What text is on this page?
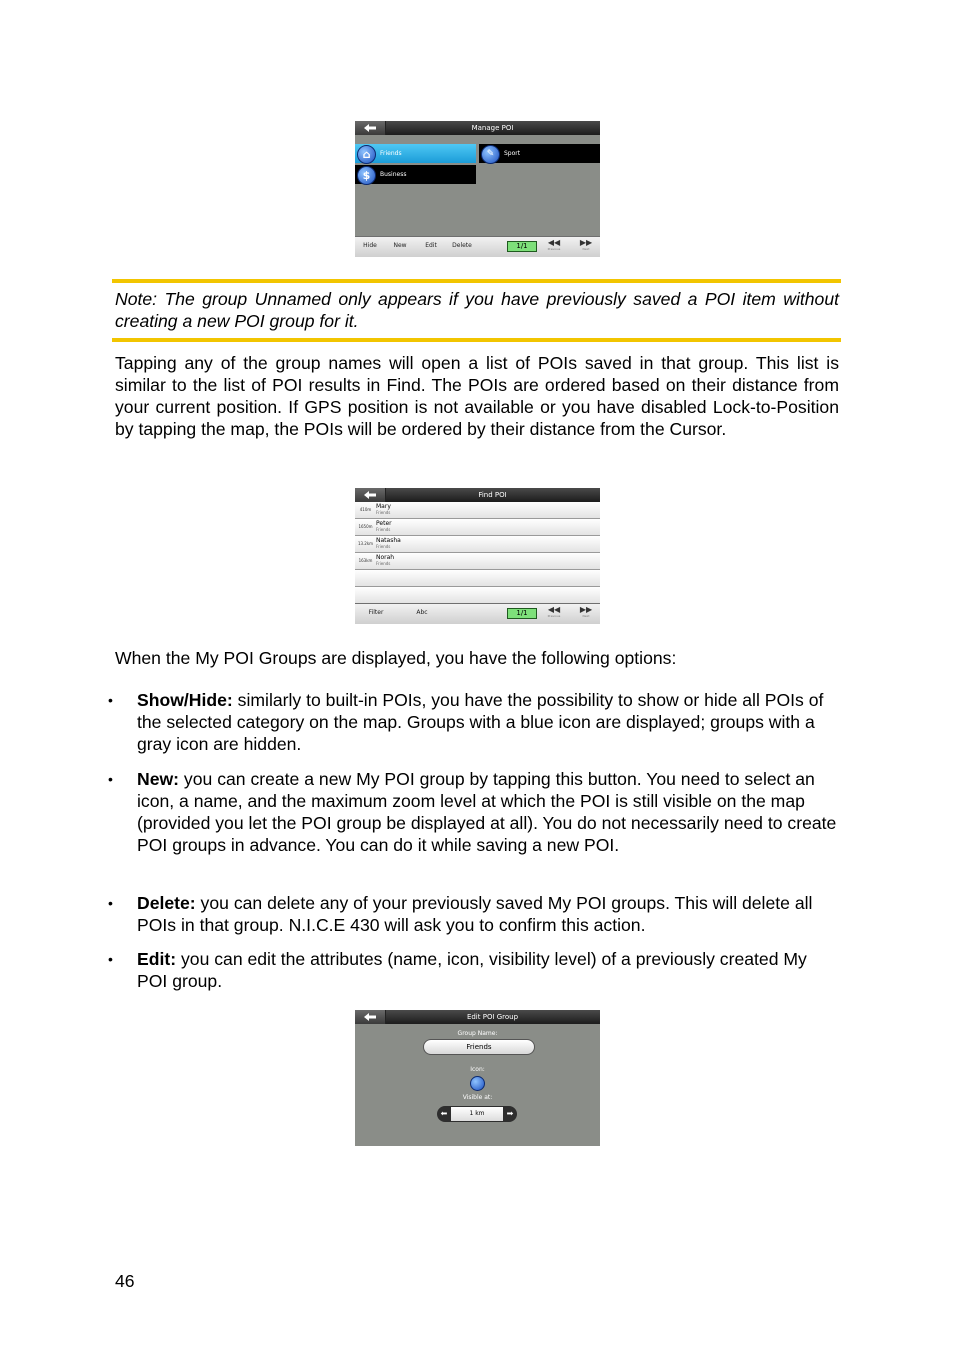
Manage POI
⌂	Friends	✎	Sport
$	Business
Hide	New	Edit	Delete	1/1	◀◀
Previous
▶▶
Next
Note: The group Unnamed only appears if you have previously saved a POI item without creating a new POI group for it.
Tapping any of the group names will open a list of POIs saved in that group. This list is similar to the list of POI results in Find. The POIs are ordered based on their distance from your current position. If GPS position is not available or you have disabled Lock-to-Position by tapping the map, the POIs will be ordered by their distance from the Cursor.
Find POI
410m Mary
Friends
1650m Peter
Friends
13.2km Natasha
Friends
163km Norah
Friends
Filter	Abc	1/1	◀◀
Previous
▶▶
Next
When the My POI Groups are displayed, you have the following options:
• Show/Hide: similarly to built-in POIs, you have the possibility to show or hide all POIs of the selected category on the map. Groups with a blue icon are displayed; groups with a gray icon are hidden.
• New: you can create a new My POI group by tapping this button. You need to select an icon, a name, and the maximum zoom level at which the POI is still visible on the map (provided you let the POI group be displayed at all). You do not necessarily need to create POI groups in advance. You can do it while saving a new POI.
• Delete: you can delete any of your previously saved My POI groups. This will delete all POIs in that group. N.I.C.E 430 will ask you to confirm this action.
• Edit: you can edit the attributes (name, icon, visibility level) of a previously created My POI group.
Edit POI Group
Group Name:
Friends
Icon:
Visible at:
⬅	1 km	➡
46
